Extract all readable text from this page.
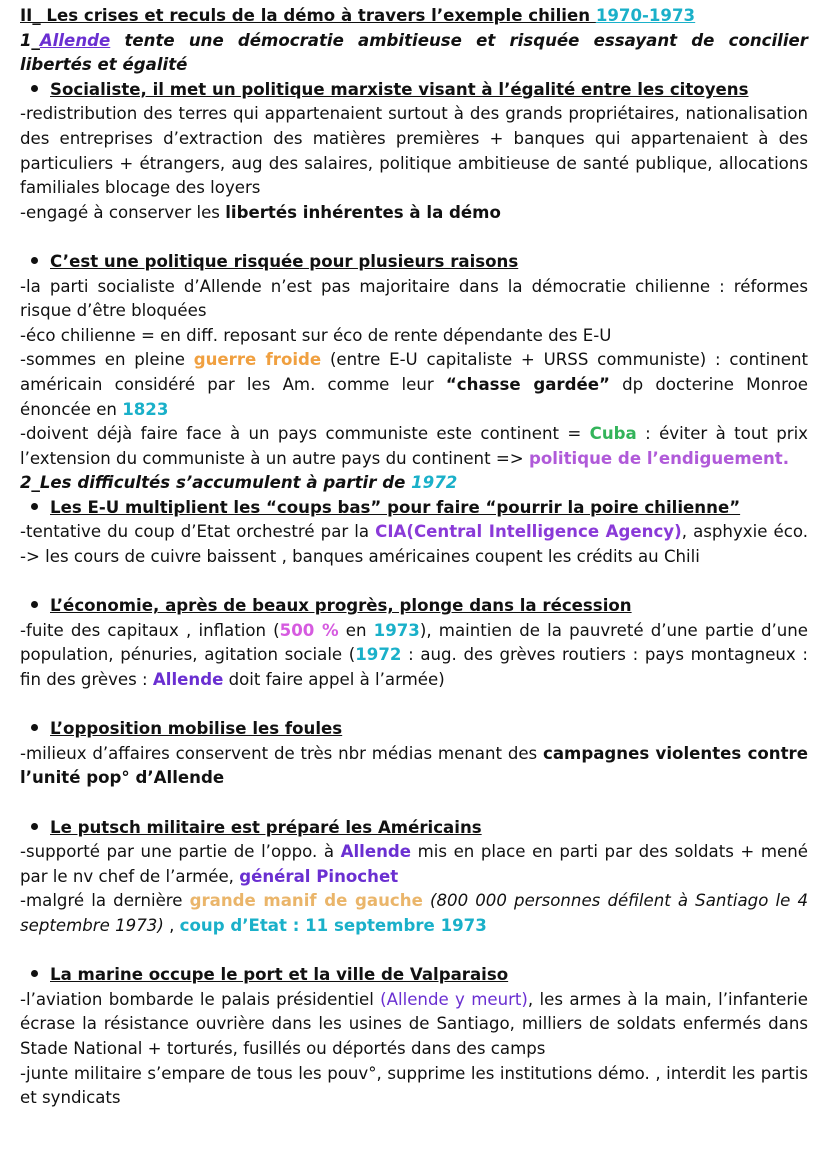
II_ Les crises et reculs de la démo à travers l’exemple chilien 1970-1973

1_Allende tente une démocratie ambitieuse et risquée essayant de concilier libertés et égalité

Socialiste, il met un politique marxiste visant à l’égalité entre les citoyens

-redistribution des terres qui appartenaient surtout à des grands propriétaires, nationalisation des entreprises d’extraction des matières premières + banques qui appartenaient à des particuliers + étrangers, aug des salaires, politique ambitieuse de santé publique, allocations familiales blocage des loyers

-engagé à conserver les libertés inhérentes à la démo

C’est une politique risquée pour plusieurs raisons

-la parti socialiste d’Allende n’est pas majoritaire dans la démocratie chilienne : réformes risque d’être bloquées

-éco chilienne = en diff. reposant sur éco de rente dépendante des E-U

-sommes en pleine guerre froide (entre E-U capitaliste + URSS communiste) : continent américain considéré par les Am. comme leur “chasse gardée” dp docterine Monroe énoncée en 1823

-doivent déjà faire face à un pays communiste este continent = Cuba : éviter à tout prix l’extension du communiste à un autre pays du continent => politique de l’endiguement.

2_Les difficultés s’accumulent à partir de 1972

Les E-U multiplient les “coups bas” pour faire “pourrir la poire chilienne”

-tentative du coup d’Etat orchestré par la CIA(Central Intelligence Agency), asphyxie éco. -> les cours de cuivre baissent , banques américaines coupent les crédits au Chili

L’économie, après de beaux progrès, plonge dans la récession

-fuite des capitaux , inflation (500 % en 1973), maintien de la pauvreté d’une partie d’une population, pénuries, agitation sociale (1972 : aug. des grèves routiers : pays montagneux : fin des grèves : Allende doit faire appel à l’armée)

L’opposition mobilise les foules

-milieux d’affaires conservent de très nbr médias menant des campagnes violentes contre l’unité pop° d’Allende

Le putsch militaire est préparé les Américains

-supporté par une partie de l’oppo. à Allende mis en place en parti par des soldats + mené par le nv chef de l’armée, général Pinochet

-malgré la dernière grande manif de gauche (800 000 personnes défilent à Santiago le 4 septembre 1973) , coup d’Etat : 11 septembre 1973

La marine occupe le port et la ville de Valparaiso

-l’aviation bombarde le palais présidentiel (Allende y meurt), les armes à la main, l’infanterie écrase la résistance ouvrière dans les usines de Santiago, milliers de soldats enfermés dans Stade National + torturés, fusillés ou déportés dans des camps

-junte militaire s’empare de tous les pouv°, supprime les institutions démo. , interdit les partis et syndicats
